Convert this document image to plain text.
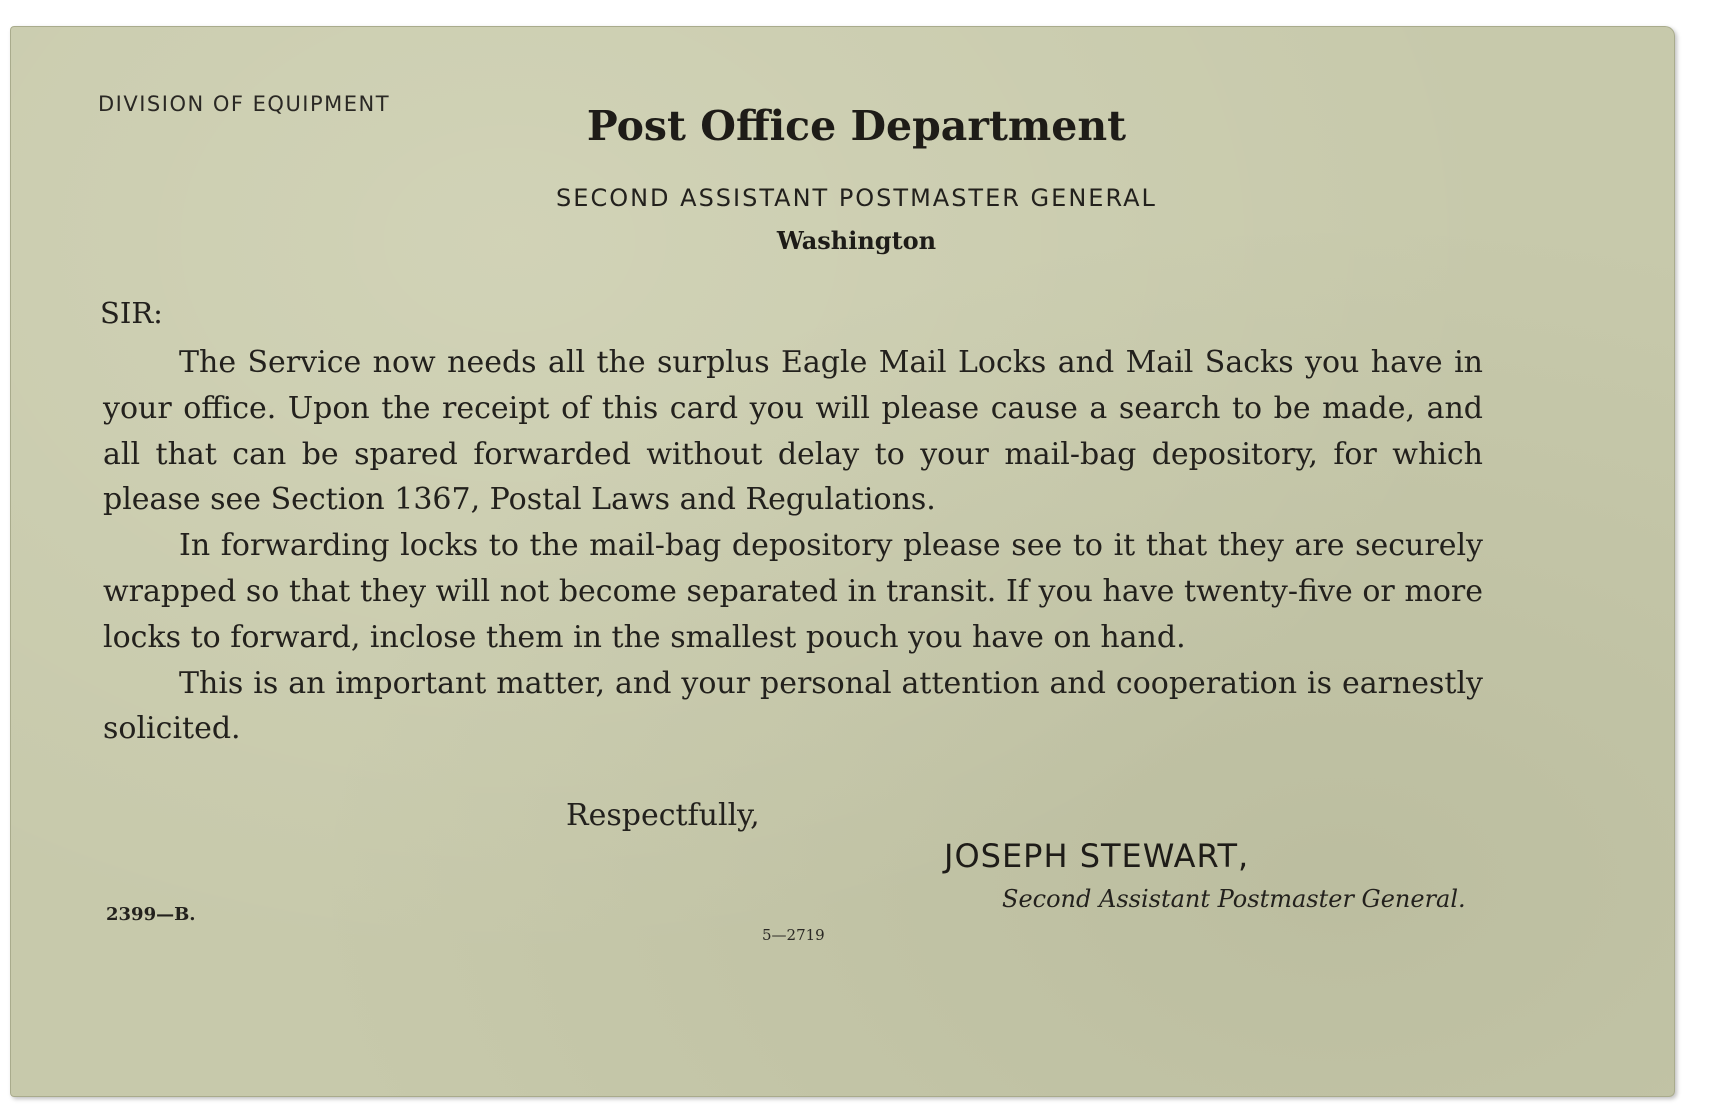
DIVISION OF EQUIPMENT	Post Office Department
SECOND ASSISTANT POSTMASTER GENERAL
Washington
SIR:

The Service now needs all the surplus Eagle Mail Locks and Mail Sacks you have in your office. Upon the receipt of this card you will please cause a search to be made, and all that can be spared forwarded without delay to your mail-bag depository, for which please see Section 1367, Postal Laws and Regulations.

In forwarding locks to the mail-bag depository please see to it that they are securely wrapped so that they will not become separated in transit. If you have twenty-five or more locks to forward, inclose them in the smallest pouch you have on hand.

This is an important matter, and your personal attention and cooperation is earnestly solicited.

Respectfully,
JOSEPH STEWART,
Second Assistant Postmaster General.
2399—B.
5—2719
